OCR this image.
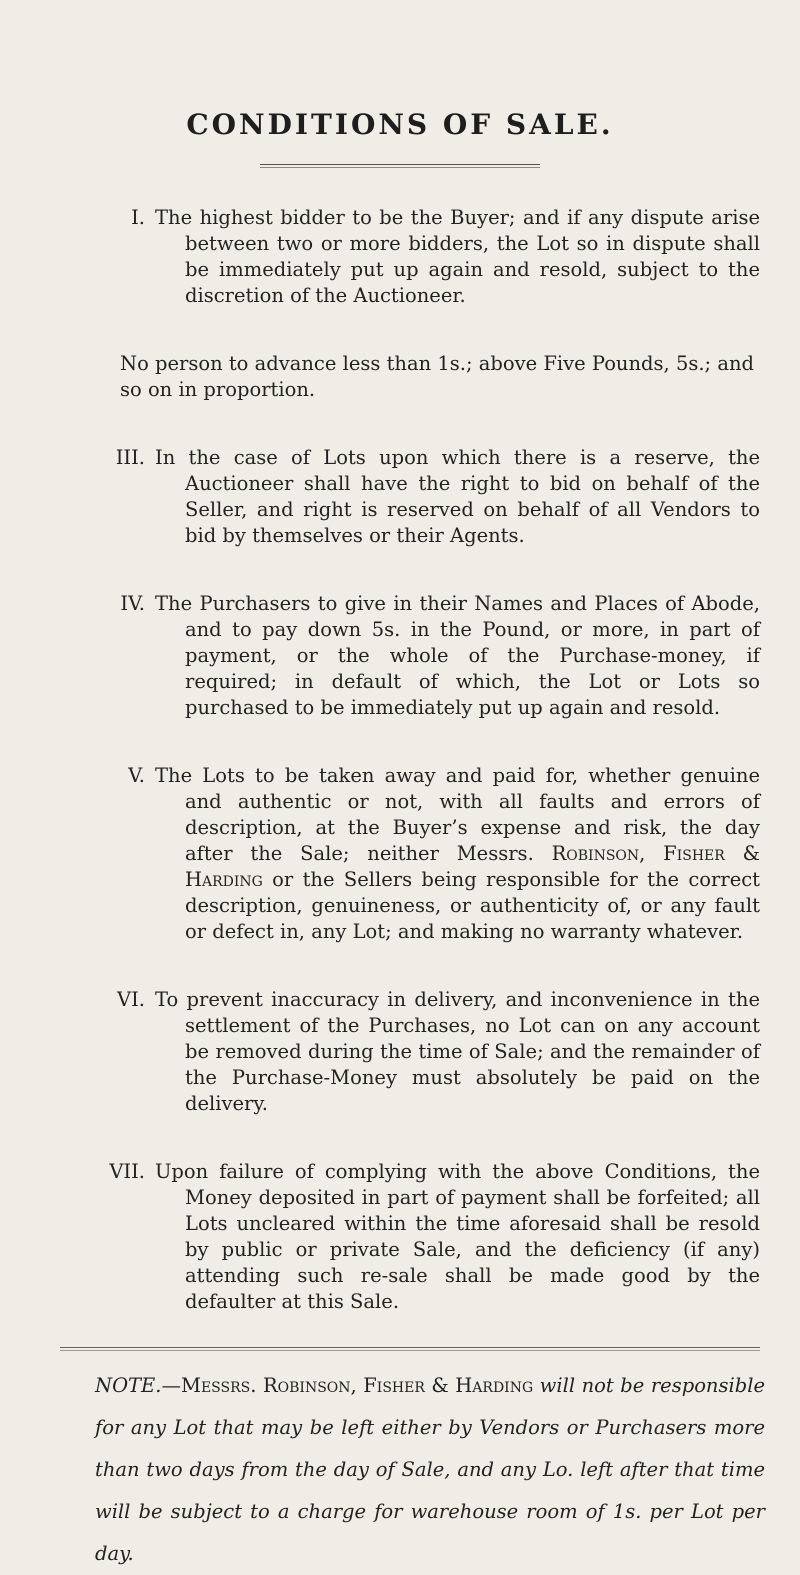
CONDITIONS OF SALE.
I. The highest bidder to be the Buyer; and if any dispute arise between two or more bidders, the Lot so in dispute shall be immediately put up again and resold, subject to the discretion of the Auctioneer.
No person to advance less than 1s.; above Five Pounds, 5s.; and so on in proportion.
III. In the case of Lots upon which there is a reserve, the Auctioneer shall have the right to bid on behalf of the Seller, and right is reserved on behalf of all Vendors to bid by themselves or their Agents.
IV. The Purchasers to give in their Names and Places of Abode, and to pay down 5s. in the Pound, or more, in part of payment, or the whole of the Purchase-money, if required; in default of which, the Lot or Lots so purchased to be immediately put up again and resold.
V. The Lots to be taken away and paid for, whether genuine and authentic or not, with all faults and errors of description, at the Buyer’s expense and risk, the day after the Sale; neither Messrs. Robinson, Fisher & Harding or the Sellers being responsible for the correct description, genuineness, or authenticity of, or any fault or defect in, any Lot; and making no warranty whatever.
VI. To prevent inaccuracy in delivery, and inconvenience in the settlement of the Purchases, no Lot can on any account be removed during the time of Sale; and the remainder of the Purchase-Money must absolutely be paid on the delivery.
VII. Upon failure of complying with the above Conditions, the Money deposited in part of payment shall be forfeited; all Lots uncleared within the time aforesaid shall be resold by public or private Sale, and the deficiency (if any) attending such re-sale shall be made good by the defaulter at this Sale.
NOTE.—Messrs. Robinson, Fisher & Harding will not be responsible for any Lot that may be left either by Vendors or Purchasers more than two days from the day of Sale, and any Lo. left after that time will be subject to a charge for warehouse room of 1s. per Lot per day.
